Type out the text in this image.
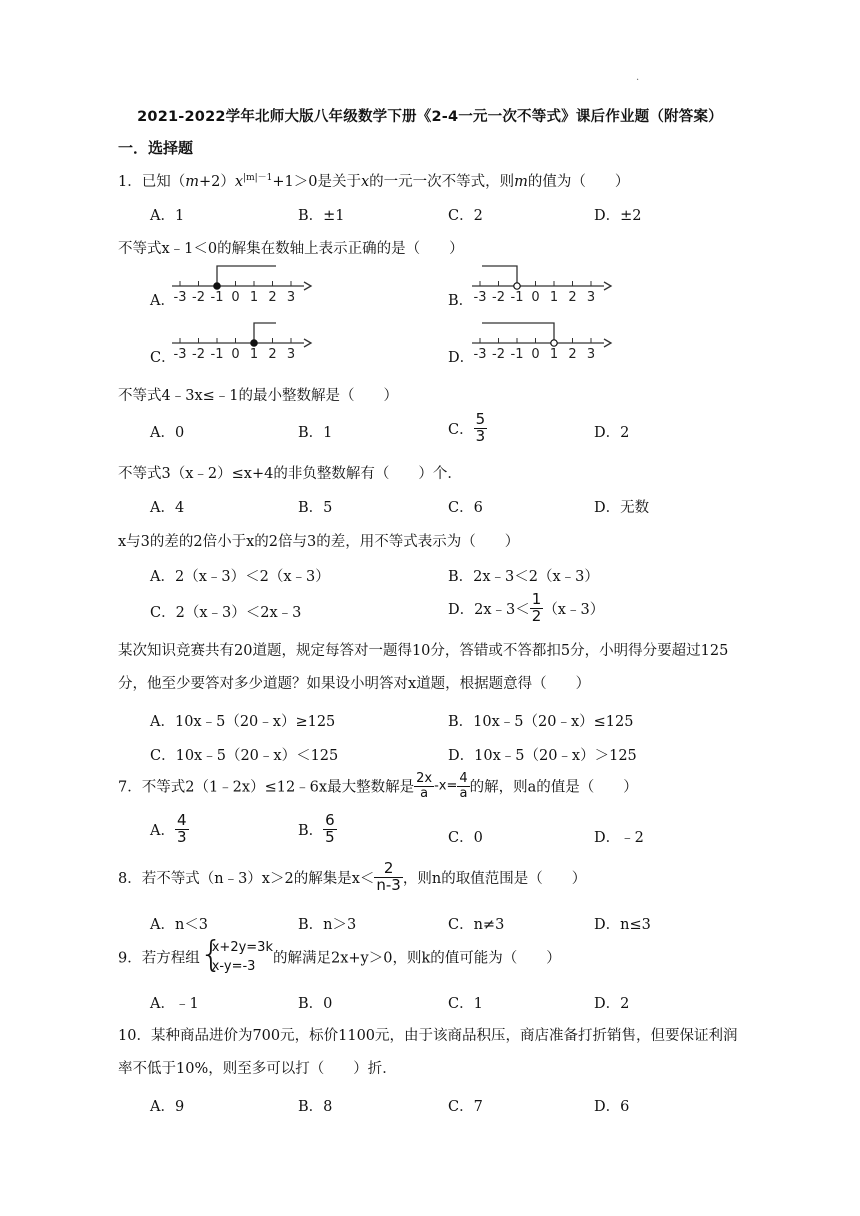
.
2021-2022学年北师大版八年级数学下册《2-4一元一次不等式》课后作业题（附答案）
一．选择题
1．已知$(m+2)x^{|m|-1}+1>0$是关于x的一元一次不等式，则m的值为（　　）
A．1	B．±1	C．2	D．±2
不等式x﹣1＜0的解集在数轴上表示正确的是（　　）
A．	B．
C．	D．
-3 -2 -1 0 1 2 3	-3 -2 -1 0 1 2 3
-3 -2 -1 0 1 2 3	-3 -2 -1 0 1 2 3
不等式4﹣3x≤﹣1的最小整数解是（　　）
A．0	B．1	C． $\frac{5}{3}$	D．2
不等式3（x﹣2）≤x+4的非负整数解有（　　）个．
A．4	B．5	C．6	D．无数
x与3的差的2倍小于x的2倍与3的差，用不等式表示为（　　）
A．2（x﹣3）＜2（x﹣3）	B．2x﹣3＜2（x﹣3）
C．2（x﹣3）＜2x﹣3	D．2x﹣3＜ $\frac{1}{2}$ （x﹣3）
某次知识竞赛共有20道题，规定每答对一题得10分，答错或不答都扣5分，小明得分要超过125分，他至少要答对多少道题？如果设小明答对x道题，根据题意得（　　）
A．10x﹣5（20﹣x）≥125	B．10x﹣5（20﹣x）≤125
C．10x﹣5（20﹣x）＜125	D．10x﹣5（20﹣x）＞125
7．不等式2（1﹣2x）≤12﹣6x最大整数解是 $\frac{2x}{a} -x= \frac{4}{a}$ 的解，则a的值是（　　）
A． $\frac{4}{3}$	B． $\frac{6}{5}$	C．0	D．﹣2
8．若不等式（n﹣3）x＞2的解集是$x< \frac{2}{n-3}$ ，则n的取值范围是（　　）
A．n＜3	B．n＞3	C．n≠3	D．n≤3
9．若方程组 {
x+2y=3k
x-y=-3	的解满足2x+y＞0，则k的值可能为（　　）
A．﹣1	B．0	C．1	D．2
10．某种商品进价为700元，标价1100元，由于该商品积压，商店准备打折销售，但要保证利润率不低于10%，则至多可以打（　　）折．
A．9	B．8	C．7	D．6
